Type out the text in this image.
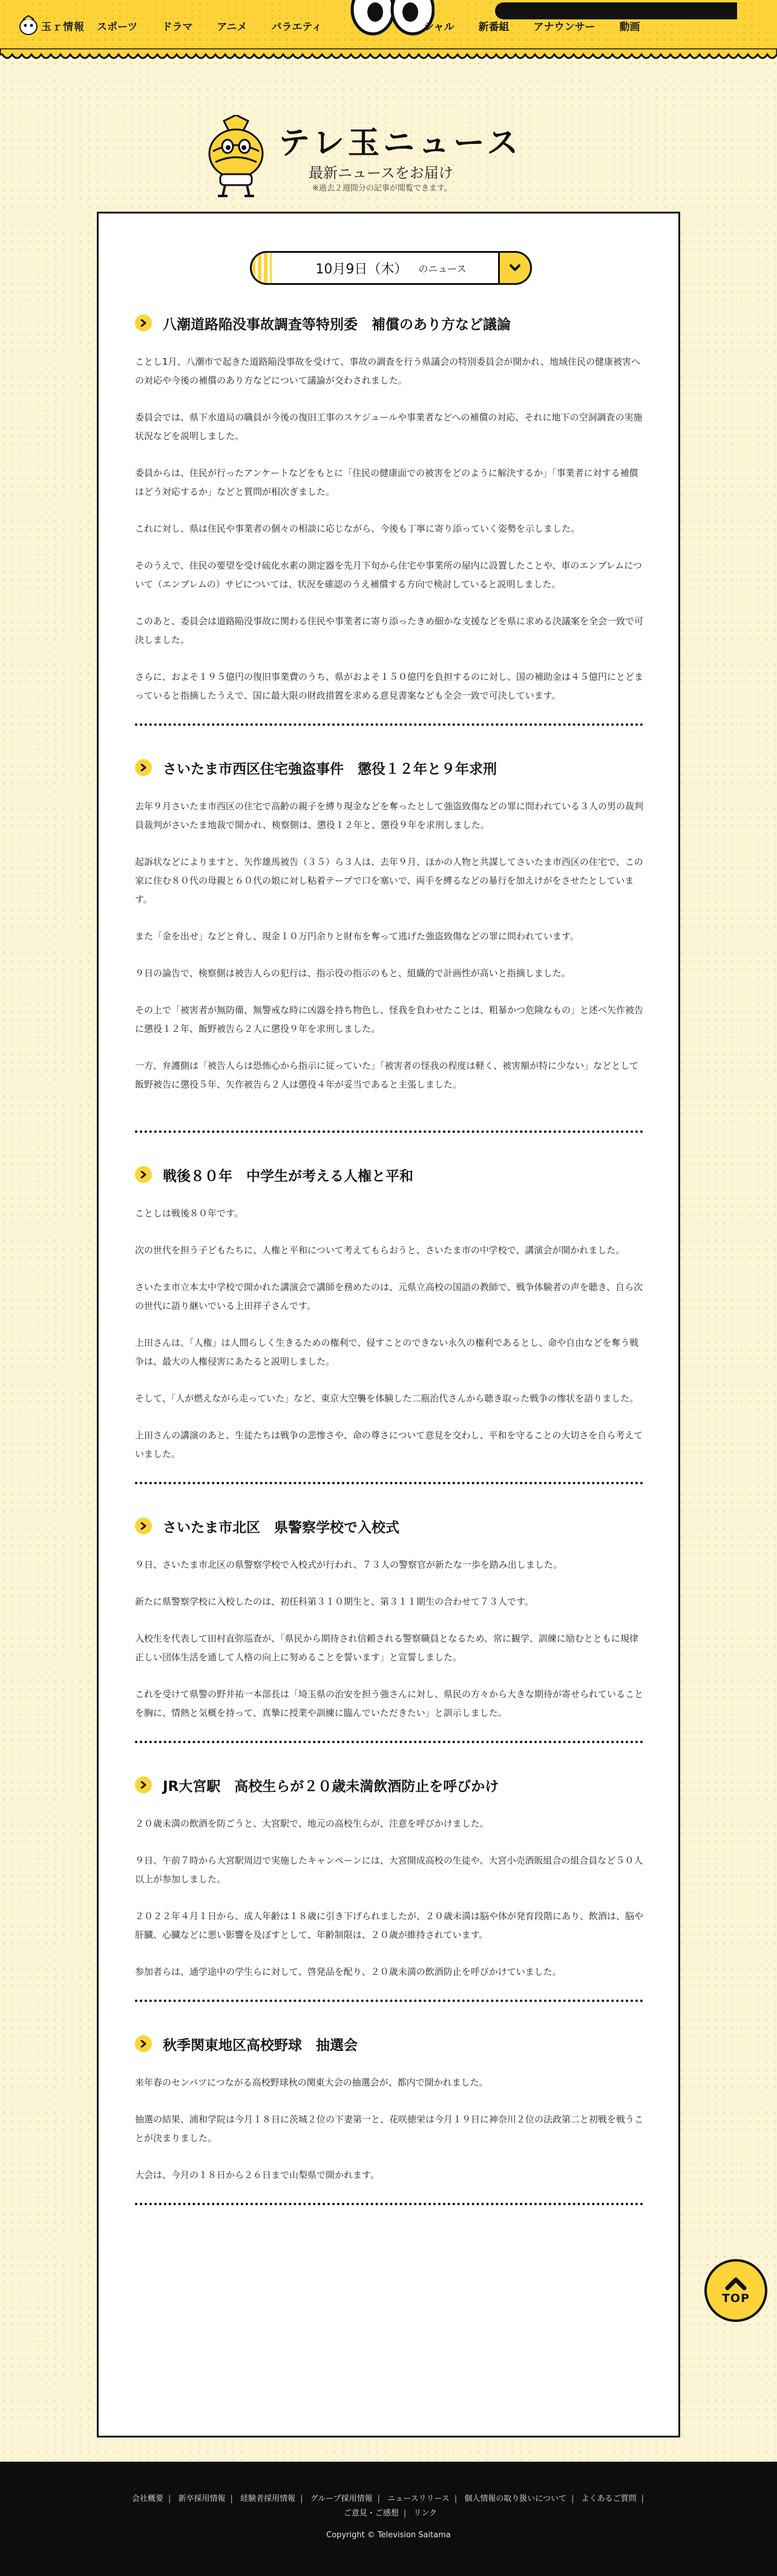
玉ｒ情報 スポーツ ドラマ アニメ バラエティ	シャル 新番組 アナウンサー 動画
テレ玉ニュース
最新ニュースをお届け
※過去２週間分の記事が閲覧できます。
10月9日（木） のニュース
八潮道路陥没事故調査等特別委　補償のあり方など議論

ことし1月、八潮市で起きた道路陥没事故を受けて、事故の調査を行う県議会の特別委員会が開かれ、地域住民の健康被害への対応や今後の補償のあり方などについて議論が交わされました。

委員会では、県下水道局の職員が今後の復旧工事のスケジュールや事業者などへの補償の対応、それに地下の空洞調査の実施状況などを説明しました。

委員からは、住民が行ったアンケートなどをもとに「住民の健康面での被害をどのように解決するか」「事業者に対する補償はどう対応するか」などと質問が相次ぎました。

これに対し、県は住民や事業者の個々の相談に応じながら、今後も丁寧に寄り添っていく姿勢を示しました。

そのうえで、住民の要望を受け硫化水素の測定器を先月下旬から住宅や事業所の屋内に設置したことや、車のエンブレムについて（エンブレムの）サビについては、状況を確認のうえ補償する方向で検討していると説明しました。

このあと、委員会は道路陥没事故に関わる住民や事業者に寄り添ったきめ細かな支援などを県に求める決議案を全会一致で可決しました。

さらに、およそ１９５億円の復旧事業費のうち、県がおよそ１５０億円を負担するのに対し、国の補助金は４５億円にとどまっていると指摘したうえで、国に最大限の財政措置を求める意見書案なども全会一致で可決しています。

さいたま市西区住宅強盗事件　懲役１２年と９年求刑

去年９月さいたま市西区の住宅で高齢の親子を縛り現金などを奪ったとして強盗致傷などの罪に問われている３人の男の裁判員裁判がさいたま地裁で開かれ、検察側は、懲役１２年と、懲役９年を求刑しました。

起訴状などによりますと、矢作雄馬被告（３５）ら３人は、去年９月、ほかの人物と共謀してさいたま市西区の住宅で、この家に住む８０代の母親と６０代の娘に対し粘着テープで口を塞いで、両手を縛るなどの暴行を加えけがをさせたとしています。

また「金を出せ」などと脅し、現金１０万円余りと財布を奪って逃げた強盗致傷などの罪に問われています。

９日の論告で、検察側は被告人らの犯行は、指示役の指示のもと、組織的で計画性が高いと指摘しました。

その上で「被害者が無防備、無警戒な時に凶器を持ち物色し、怪我を負わせたことは、粗暴かつ危険なもの」と述べ矢作被告に懲役１２年、飯野被告ら２人に懲役９年を求刑しました。

一方、弁護側は「被告人らは恐怖心から指示に従っていた」「被害者の怪我の程度は軽く、被害額が特に少ない」などとして飯野被告に懲役５年、矢作被告ら２人は懲役４年が妥当であると主張しました。

戦後８０年　中学生が考える人権と平和

ことしは戦後８０年です。

次の世代を担う子どもたちに、人権と平和について考えてもらおうと、さいたま市の中学校で、講演会が開かれました。

さいたま市立本太中学校で開かれた講演会で講師を務めたのは、元県立高校の国語の教師で、戦争体験者の声を聴き、自ら次の世代に語り継いでいる上田祥子さんです。

上田さんは、「人権」は人間らしく生きるための権利で、侵すことのできない永久の権利であるとし、命や自由などを奪う戦争は、最大の人権侵害にあたると説明しました。

そして、「人が燃えながら走っていた」など、東京大空襲を体験した二瓶治代さんから聴き取った戦争の惨状を語りました。

上田さんの講演のあと、生徒たちは戦争の悲惨さや、命の尊さについて意見を交わし、平和を守ることの大切さを自ら考えていました。

さいたま市北区　県警察学校で入校式

９日、さいたま市北区の県警察学校で入校式が行われ、７３人の警察官が新たな一歩を踏み出しました。

新たに県警察学校に入校したのは、初任科第３１０期生と、第３１１期生の合わせて７３人です。

入校生を代表して田村直弥巡査が、「県民から期待され信頼される警察職員となるため、常に観学、訓練に励むとともに規律正しい団体生活を通して人格の向上に努めることを誓います」と宣誓しました。

これを受けて県警の野井祐一本部長は「埼玉県の治安を担う強さんに対し、県民の方々から大きな期待が寄せられていることを胸に、情熱と気概を持って、真摯に授業や訓練に臨んでいただきたい」と訓示しました。

JR大宮駅　高校生らが２０歳未満飲酒防止を呼びかけ

２０歳未満の飲酒を防ごうと、大宮駅で、地元の高校生らが、注意を呼びかけました。

９日、午前７時から大宮駅周辺で実施したキャンペーンには、大宮開成高校の生徒や、大宮小売酒販組合の組合員など５０人以上が参加しました。

２０２２年４月１日から、成人年齢は１８歳に引き下げられましたが、２０歳未満は脳や体が発育段階にあり、飲酒は、脳や肝臓、心臓などに悪い影響を及ぼすとして、年齢制限は、２０歳が維持されています。

参加者らは、通学途中の学生らに対して、啓発品を配り、２０歳未満の飲酒防止を呼びかけていました。

秋季関東地区高校野球　抽選会

来年春のセンバツにつながる高校野球秋の関東大会の抽選会が、都内で開かれました。

抽選の結果、浦和学院は今月１８日に茨城２位の下妻第一と、花咲徳栄は今月１９日に神奈川２位の法政第二と初戦を戦うことが決まりました。

大会は、今月の１８日から２６日まで山梨県で開かれます。

TOP
会社概要 | 新卒採用情報 | 経験者採用情報 | グループ採用情報 | ニュースリリース | 個人情報の取り扱いについて | よくあるご質問 |
ご意見・ご感想 | リンク
Copyright © Television Saitama
